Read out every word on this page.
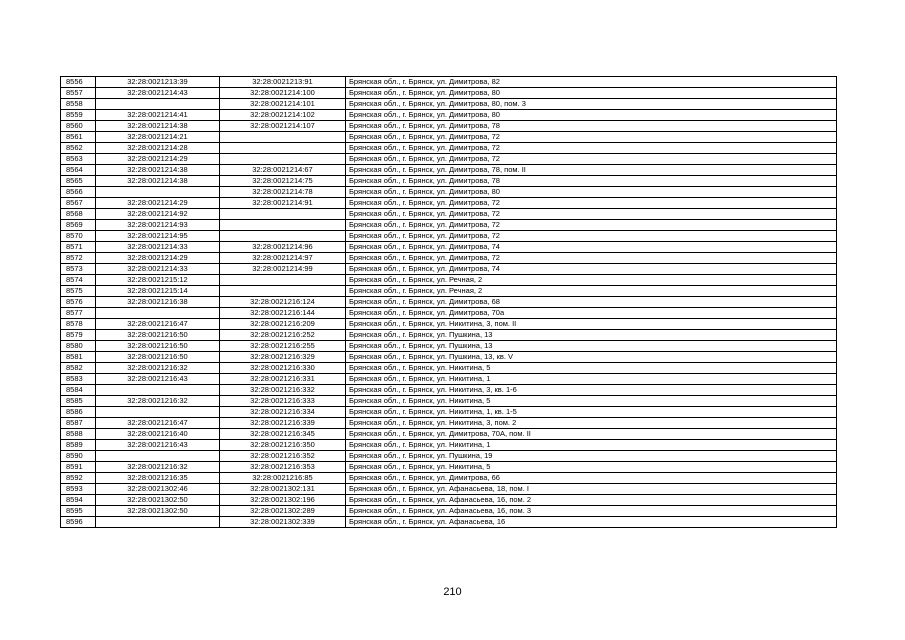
8556	32:28:0021213:39	32:28:0021213:91	Брянская обл., г. Брянск, ул. Димитрова, 82
8557	32:28:0021214:43	32:28:0021214:100	Брянская обл., г. Брянск, ул. Димитрова, 80
8558		32:28:0021214:101	Брянская обл., г. Брянск, ул. Димитрова, 80, пом. 3
8559	32:28:0021214:41	32:28:0021214:102	Брянская обл., г. Брянск, ул. Димитрова, 80
8560	32:28:0021214:38	32:28:0021214:107	Брянская обл., г. Брянск, ул. Димитрова, 78
8561	32:28:0021214:21		Брянская обл., г. Брянск, ул. Димитрова, 72
8562	32:28:0021214:28		Брянская обл., г. Брянск, ул. Димитрова, 72
8563	32:28:0021214:29		Брянская обл., г. Брянск, ул. Димитрова, 72
8564	32:28:0021214:38	32:28:0021214:67	Брянская обл., г. Брянск, ул. Димитрова, 78, пом. II
8565	32:28:0021214:38	32:28:0021214:75	Брянская обл., г. Брянск, ул. Димитрова, 78
8566		32:28:0021214:78	Брянская обл., г. Брянск, ул. Димитрова, 80
8567	32:28:0021214:29	32:28:0021214:91	Брянская обл., г. Брянск, ул. Димитрова, 72
8568	32:28:0021214:92		Брянская обл., г. Брянск, ул. Димитрова, 72
8569	32:28:0021214:93		Брянская обл., г. Брянск, ул. Димитрова, 72
8570	32:28:0021214:95		Брянская обл., г. Брянск, ул. Димитрова, 72
8571	32:28:0021214:33	32:28:0021214:96	Брянская обл., г. Брянск, ул. Димитрова, 74
8572	32:28:0021214:29	32:28:0021214:97	Брянская обл., г. Брянск, ул. Димитрова, 72
8573	32:28:0021214:33	32:28:0021214:99	Брянская обл., г. Брянск, ул. Димитрова, 74
8574	32:28:0021215:12		Брянская обл., г. Брянск, ул. Речная, 2
8575	32:28:0021215:14		Брянская обл., г. Брянск, ул. Речная, 2
8576	32:28:0021216:38	32:28:0021216:124	Брянская обл., г. Брянск, ул. Димитрова, 68
8577		32:28:0021216:144	Брянская обл., г. Брянск, ул. Димитрова, 70а
8578	32:28:0021216:47	32:28:0021216:209	Брянская обл., г. Брянск, ул. Никитина, 3, пом. II
8579	32:28:0021216:50	32:28:0021216:252	Брянская обл., г. Брянск, ул. Пушкина, 13
8580	32:28:0021216:50	32:28:0021216:255	Брянская обл., г. Брянск, ул. Пушкина, 13
8581	32:28:0021216:50	32:28:0021216:329	Брянская обл., г. Брянск, ул. Пушкина, 13, кв. V
8582	32:28:0021216:32	32:28:0021216:330	Брянская обл., г. Брянск, ул. Никитина, 5
8583	32:28:0021216:43	32:28:0021216:331	Брянская обл., г. Брянск, ул. Никитина, 1
8584		32:28:0021216:332	Брянская обл., г. Брянск, ул. Никитина, 3, кв. 1-6
8585	32:28:0021216:32	32:28:0021216:333	Брянская обл., г. Брянск, ул. Никитина, 5
8586		32:28:0021216:334	Брянская обл., г. Брянск, ул. Никитина, 1, кв. 1-5
8587	32:28:0021216:47	32:28:0021216:339	Брянская обл., г. Брянск, ул. Никитина, 3, пом. 2
8588	32:28:0021216:40	32:28:0021216:345	Брянская обл., г. Брянск, ул. Димитрова, 70А, пом. II
8589	32:28:0021216:43	32:28:0021216:350	Брянская обл., г. Брянск, ул. Никитина, 1
8590		32:28:0021216:352	Брянская обл., г. Брянск, ул. Пушкина, 19
8591	32:28:0021216:32	32:28:0021216:353	Брянская обл., г. Брянск, ул. Никитина, 5
8592	32:28:0021216:35	32:28:0021216:85	Брянская обл., г. Брянск, ул. Димитрова, 66
8593	32:28:0021302:46	32:28:0021302:131	Брянская обл., г. Брянск, ул. Афанасьева, 18, пом. I
8594	32:28:0021302:50	32:28:0021302:196	Брянская обл., г. Брянск, ул. Афанасьева, 16, пом. 2
8595	32:28:0021302:50	32:28:0021302:289	Брянская обл., г. Брянск, ул. Афанасьева, 16, пом. 3
8596		32:28:0021302:339	Брянская обл., г. Брянск, ул. Афанасьева, 16
210
